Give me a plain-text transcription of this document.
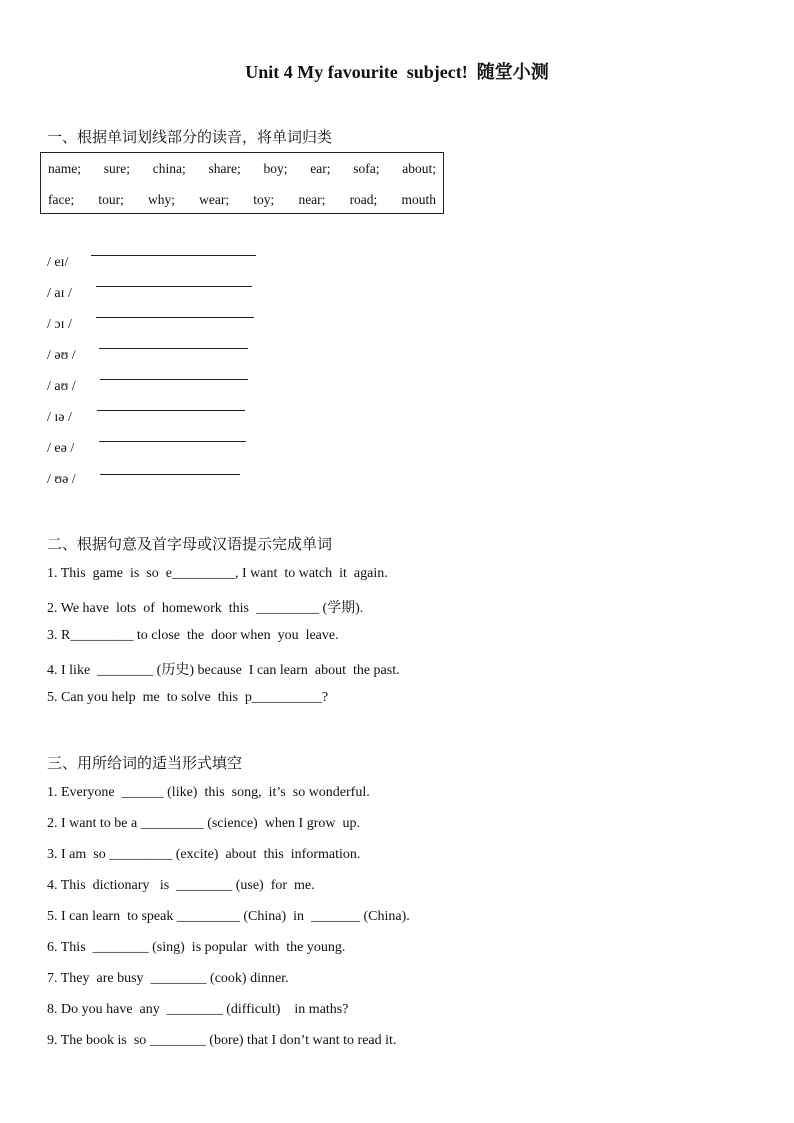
Unit 4 My favourite  subject!  随堂小测
一、根据单词划线部分的读音，将单词归类
name; sure; china; share; boy; ear; sofa; about;
face; tour; why; wear; toy; near; road; mouth
/ eɪ/
/ aɪ /
/ ɔɪ /
/ əʊ /
/ aʊ /
/ ɪə /
/ eə /
/ ʊə /
二、根据句意及首字母或汉语提示完成单词
1. This  game  is  so  e_________, I want  to watch  it  again.
2. We have  lots  of  homework  this  _________ (学期).
3. R_________ to close  the  door when  you  leave.
4. I like  ________ (历史) because  I can learn  about  the past.
5. Can you help  me  to solve  this  p__________?
三、用所给词的适当形式填空
1. Everyone  ______ (like)  this  song,  it’s  so wonderful.
2. I want to be a _________ (science)  when I grow  up.
3. I am  so _________ (excite)  about  this  information.
4. This  dictionary   is  ________ (use)  for  me.
5. I can learn  to speak _________ (China)  in  _______ (China).
6. This  ________ (sing)  is popular  with  the young.
7. They  are busy  ________ (cook) dinner.
8. Do you have  any  ________ (difficult)    in maths?
9. The book is  so ________ (bore) that I don’t want to read it.
